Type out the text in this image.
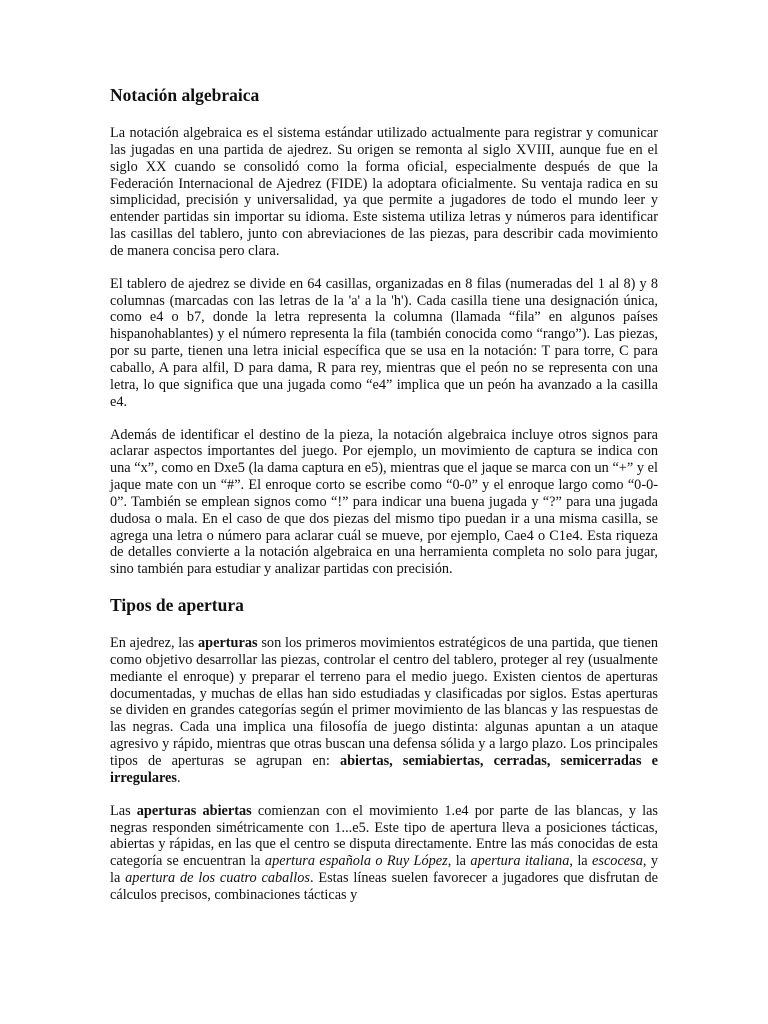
Notación algebraica

La notación algebraica es el sistema estándar utilizado actualmente para registrar y comunicar las jugadas en una partida de ajedrez. Su origen se remonta al siglo XVIII, aunque fue en el siglo XX cuando se consolidó como la forma oficial, especialmente después de que la Federación Internacional de Ajedrez (FIDE) la adoptara oficialmente. Su ventaja radica en su simplicidad, precisión y universalidad, ya que permite a jugadores de todo el mundo leer y entender partidas sin importar su idioma. Este sistema utiliza letras y números para identificar las casillas del tablero, junto con abreviaciones de las piezas, para describir cada movimiento de manera concisa pero clara.

El tablero de ajedrez se divide en 64 casillas, organizadas en 8 filas (numeradas del 1 al 8) y 8 columnas (marcadas con las letras de la 'a' a la 'h'). Cada casilla tiene una designación única, como e4 o b7, donde la letra representa la columna (llamada “fila” en algunos países hispanohablantes) y el número representa la fila (también conocida como “rango”). Las piezas, por su parte, tienen una letra inicial específica que se usa en la notación: T para torre, C para caballo, A para alfil, D para dama, R para rey, mientras que el peón no se representa con una letra, lo que significa que una jugada como “e4” implica que un peón ha avanzado a la casilla e4.

Además de identificar el destino de la pieza, la notación algebraica incluye otros signos para aclarar aspectos importantes del juego. Por ejemplo, un movimiento de captura se indica con una “x”, como en Dxe5 (la dama captura en e5), mientras que el jaque se marca con un “+” y el jaque mate con un “#”. El enroque corto se escribe como “0-0” y el enroque largo como “0-0-0”. También se emplean signos como “!” para indicar una buena jugada y “?” para una jugada dudosa o mala. En el caso de que dos piezas del mismo tipo puedan ir a una misma casilla, se agrega una letra o número para aclarar cuál se mueve, por ejemplo, Cae4 o C1e4. Esta riqueza de detalles convierte a la notación algebraica en una herramienta completa no solo para jugar, sino también para estudiar y analizar partidas con precisión.

Tipos de apertura

En ajedrez, las aperturas son los primeros movimientos estratégicos de una partida, que tienen como objetivo desarrollar las piezas, controlar el centro del tablero, proteger al rey (usualmente mediante el enroque) y preparar el terreno para el medio juego. Existen cientos de aperturas documentadas, y muchas de ellas han sido estudiadas y clasificadas por siglos. Estas aperturas se dividen en grandes categorías según el primer movimiento de las blancas y las respuestas de las negras. Cada una implica una filosofía de juego distinta: algunas apuntan a un ataque agresivo y rápido, mientras que otras buscan una defensa sólida y a largo plazo. Los principales tipos de aperturas se agrupan en: abiertas, semiabiertas, cerradas, semicerradas e irregulares.

Las aperturas abiertas comienzan con el movimiento 1.e4 por parte de las blancas, y las negras responden simétricamente con 1...e5. Este tipo de apertura lleva a posiciones tácticas, abiertas y rápidas, en las que el centro se disputa directamente. Entre las más conocidas de esta categoría se encuentran la apertura española o Ruy López, la apertura italiana, la escocesa, y la apertura de los cuatro caballos. Estas líneas suelen favorecer a jugadores que disfrutan de cálculos precisos, combinaciones tácticas y
